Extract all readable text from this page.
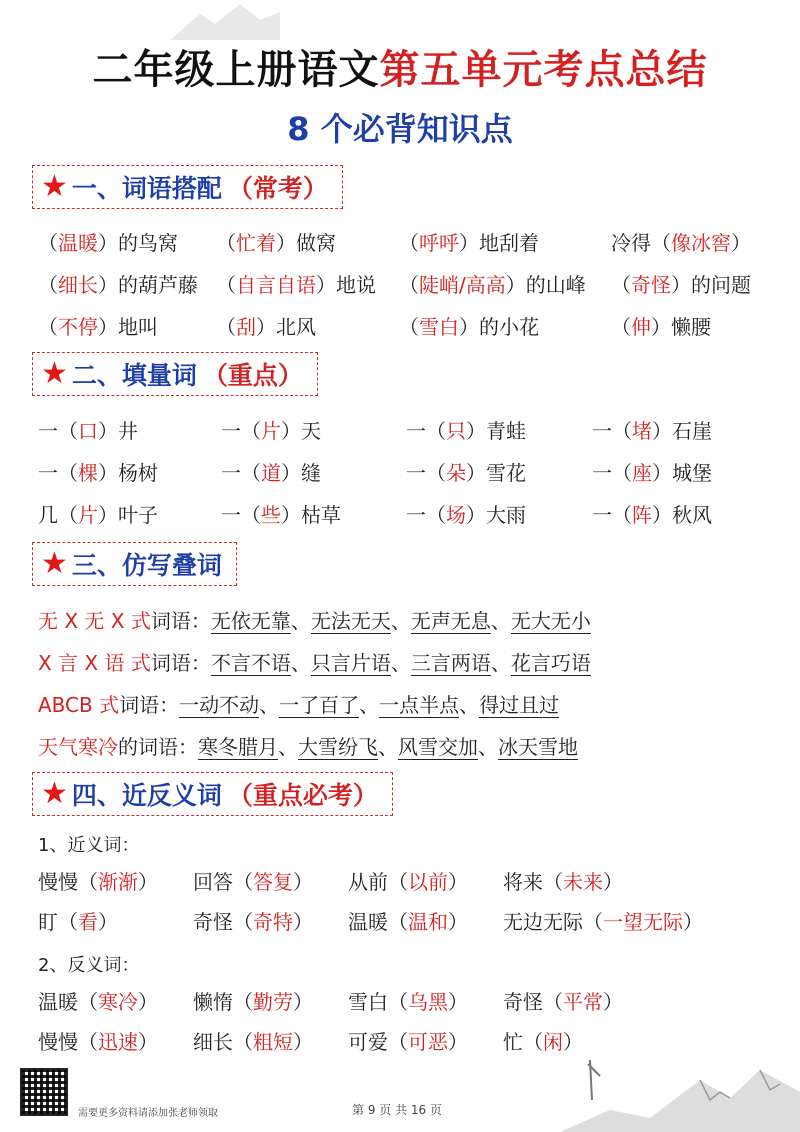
二年级上册语文第五单元考点总结
8 个必背知识点
★ 一、词语搭配 （常考）
（温暖）的鸟窝	（忙着）做窝	（呼呼）地刮着	冷得（像冰窖）
（细长）的葫芦藤 （自言自语）地说	（陡峭/高高）的山峰	（奇怪）的问题
（不停）地叫	（刮）北风	（雪白）的小花	（伸）懒腰
★ 二、填量词 （重点）
一（口）井	一（片）天	一（只）青蛙	一（堵）石崖
一（棵）杨树	一（道）缝	一（朵）雪花	一（座）城堡
几（片）叶子	一（些）枯草	一（场）大雨	一（阵）秋风
★ 三、仿写叠词
无 X 无 X 式词语：无依无靠、无法无天、无声无息、无大无小
X 言 X 语 式词语：不言不语、只言片语、三言两语、花言巧语
ABCB 式词语：一动不动、一了百了、一点半点、得过且过
天气寒冷的词语：寒冬腊月、大雪纷飞、风雪交加、冰天雪地
★ 四、近反义词 （重点必考）
1、近义词：
慢慢（渐渐）	回答（答复）	从前（以前）	将来（未来）
盯（看）	奇怪（奇特）	温暖（温和）	无边无际（一望无际）
2、反义词：
温暖（寒冷）	懒惰（勤劳）	雪白（乌黑）	奇怪（平常）
慢慢（迅速）	细长（粗短）	可爱（可恶）	忙（闲）
需要更多资料请添加张老师领取	第 9 页 共 16 页
